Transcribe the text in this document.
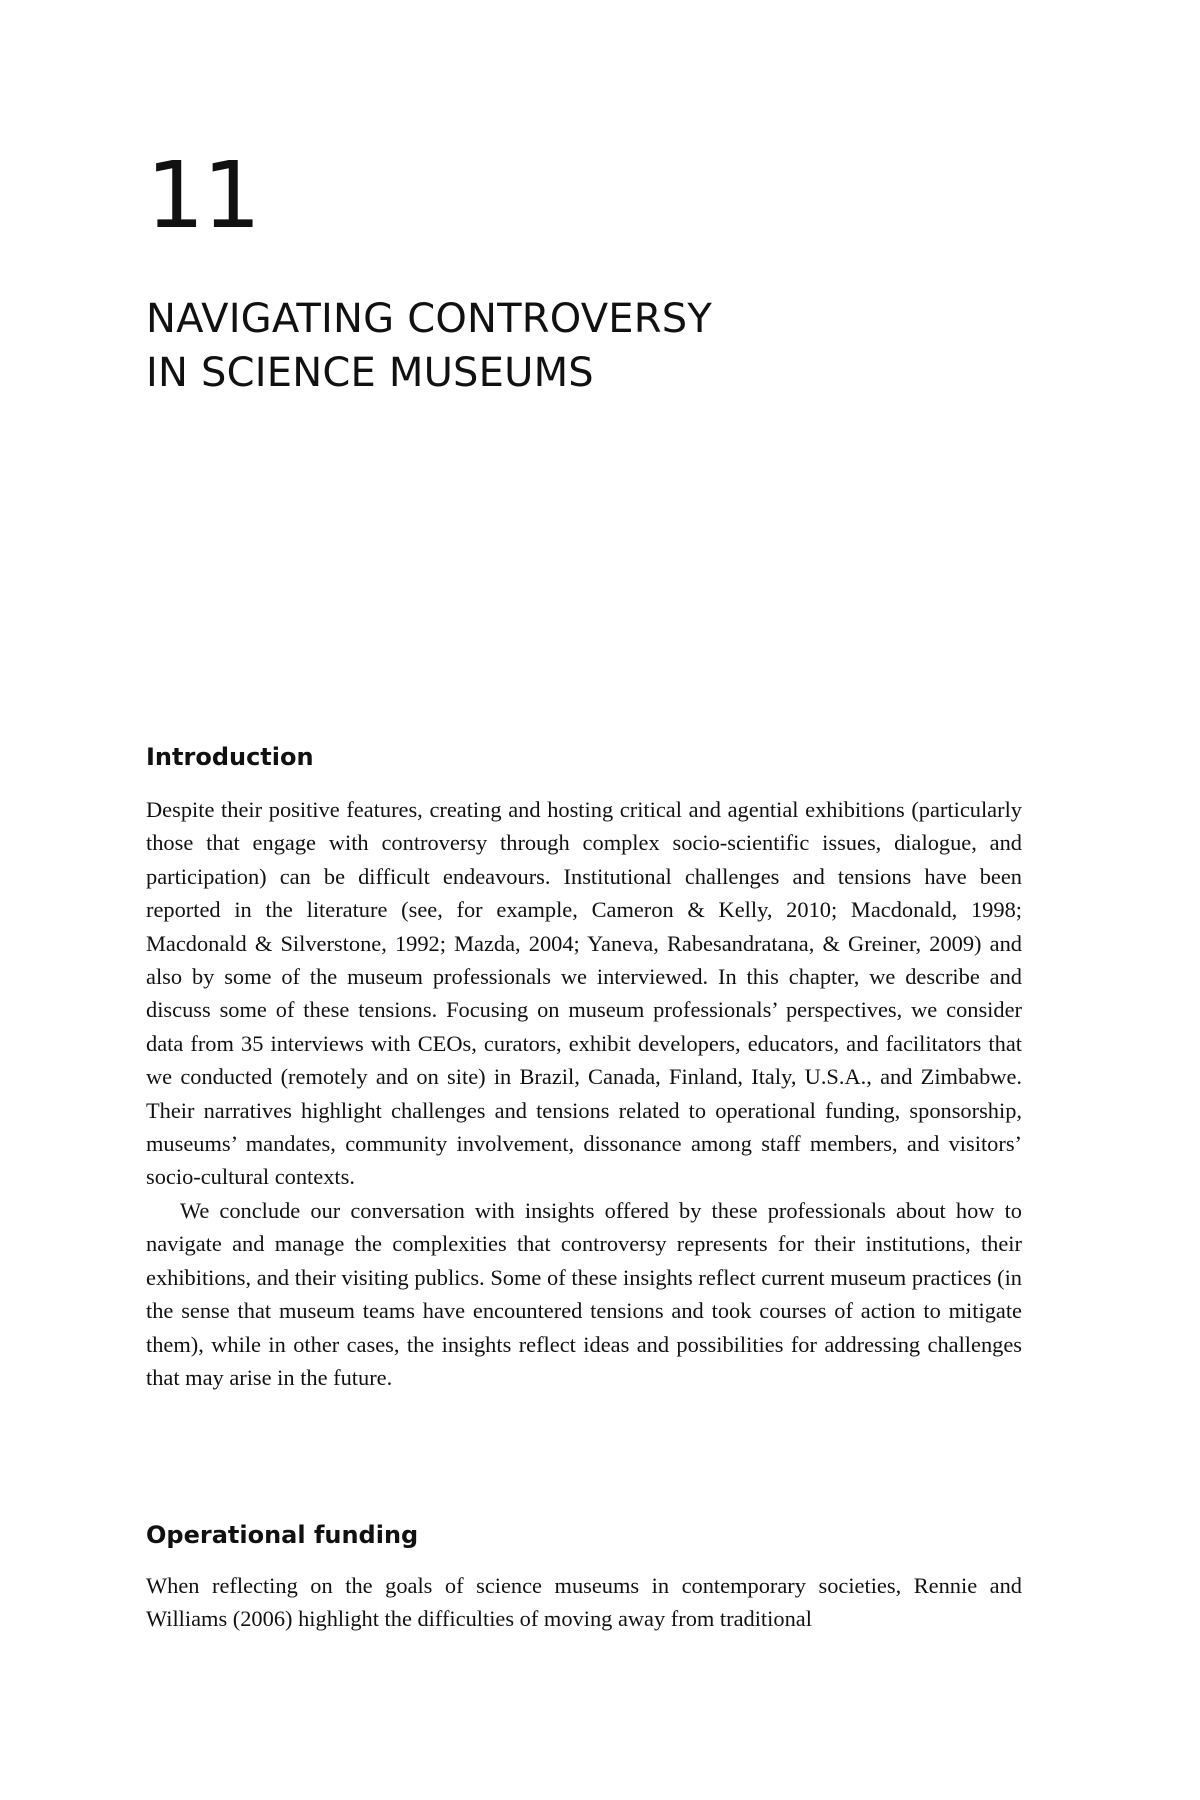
11
NAVIGATING CONTROVERSY
IN SCIENCE MUSEUMS
Introduction

Despite their positive features, creating and hosting critical and agential exhibitions (particularly those that engage with controversy through complex socio-scientific issues, dialogue, and participation) can be difficult endeavours. Institutional challenges and tensions have been reported in the literature (see, for example, Cameron & Kelly, 2010; Macdonald, 1998; Macdonald & Silverstone, 1992; Mazda, 2004; Yaneva, Rabesandratana, & Greiner, 2009) and also by some of the museum professionals we interviewed. In this chapter, we describe and discuss some of these tensions. Focusing on museum professionals’ perspectives, we consider data from 35 interviews with CEOs, curators, exhibit developers, educators, and facilitators that we conducted (remotely and on site) in Brazil, Canada, Finland, Italy, U.S.A., and Zimbabwe. Their narratives highlight challenges and tensions related to operational funding, sponsorship, museums’ mandates, community involvement, dissonance among staff members, and visitors’ socio-cultural contexts.

We conclude our conversation with insights offered by these professionals about how to navigate and manage the complexities that controversy represents for their institutions, their exhibitions, and their visiting publics. Some of these insights reflect current museum practices (in the sense that museum teams have encountered tensions and took courses of action to mitigate them), while in other cases, the insights reflect ideas and possibilities for addressing challenges that may arise in the future.

Operational funding

When reflecting on the goals of science museums in contemporary societies, Rennie and Williams (2006) highlight the difficulties of moving away from traditional
